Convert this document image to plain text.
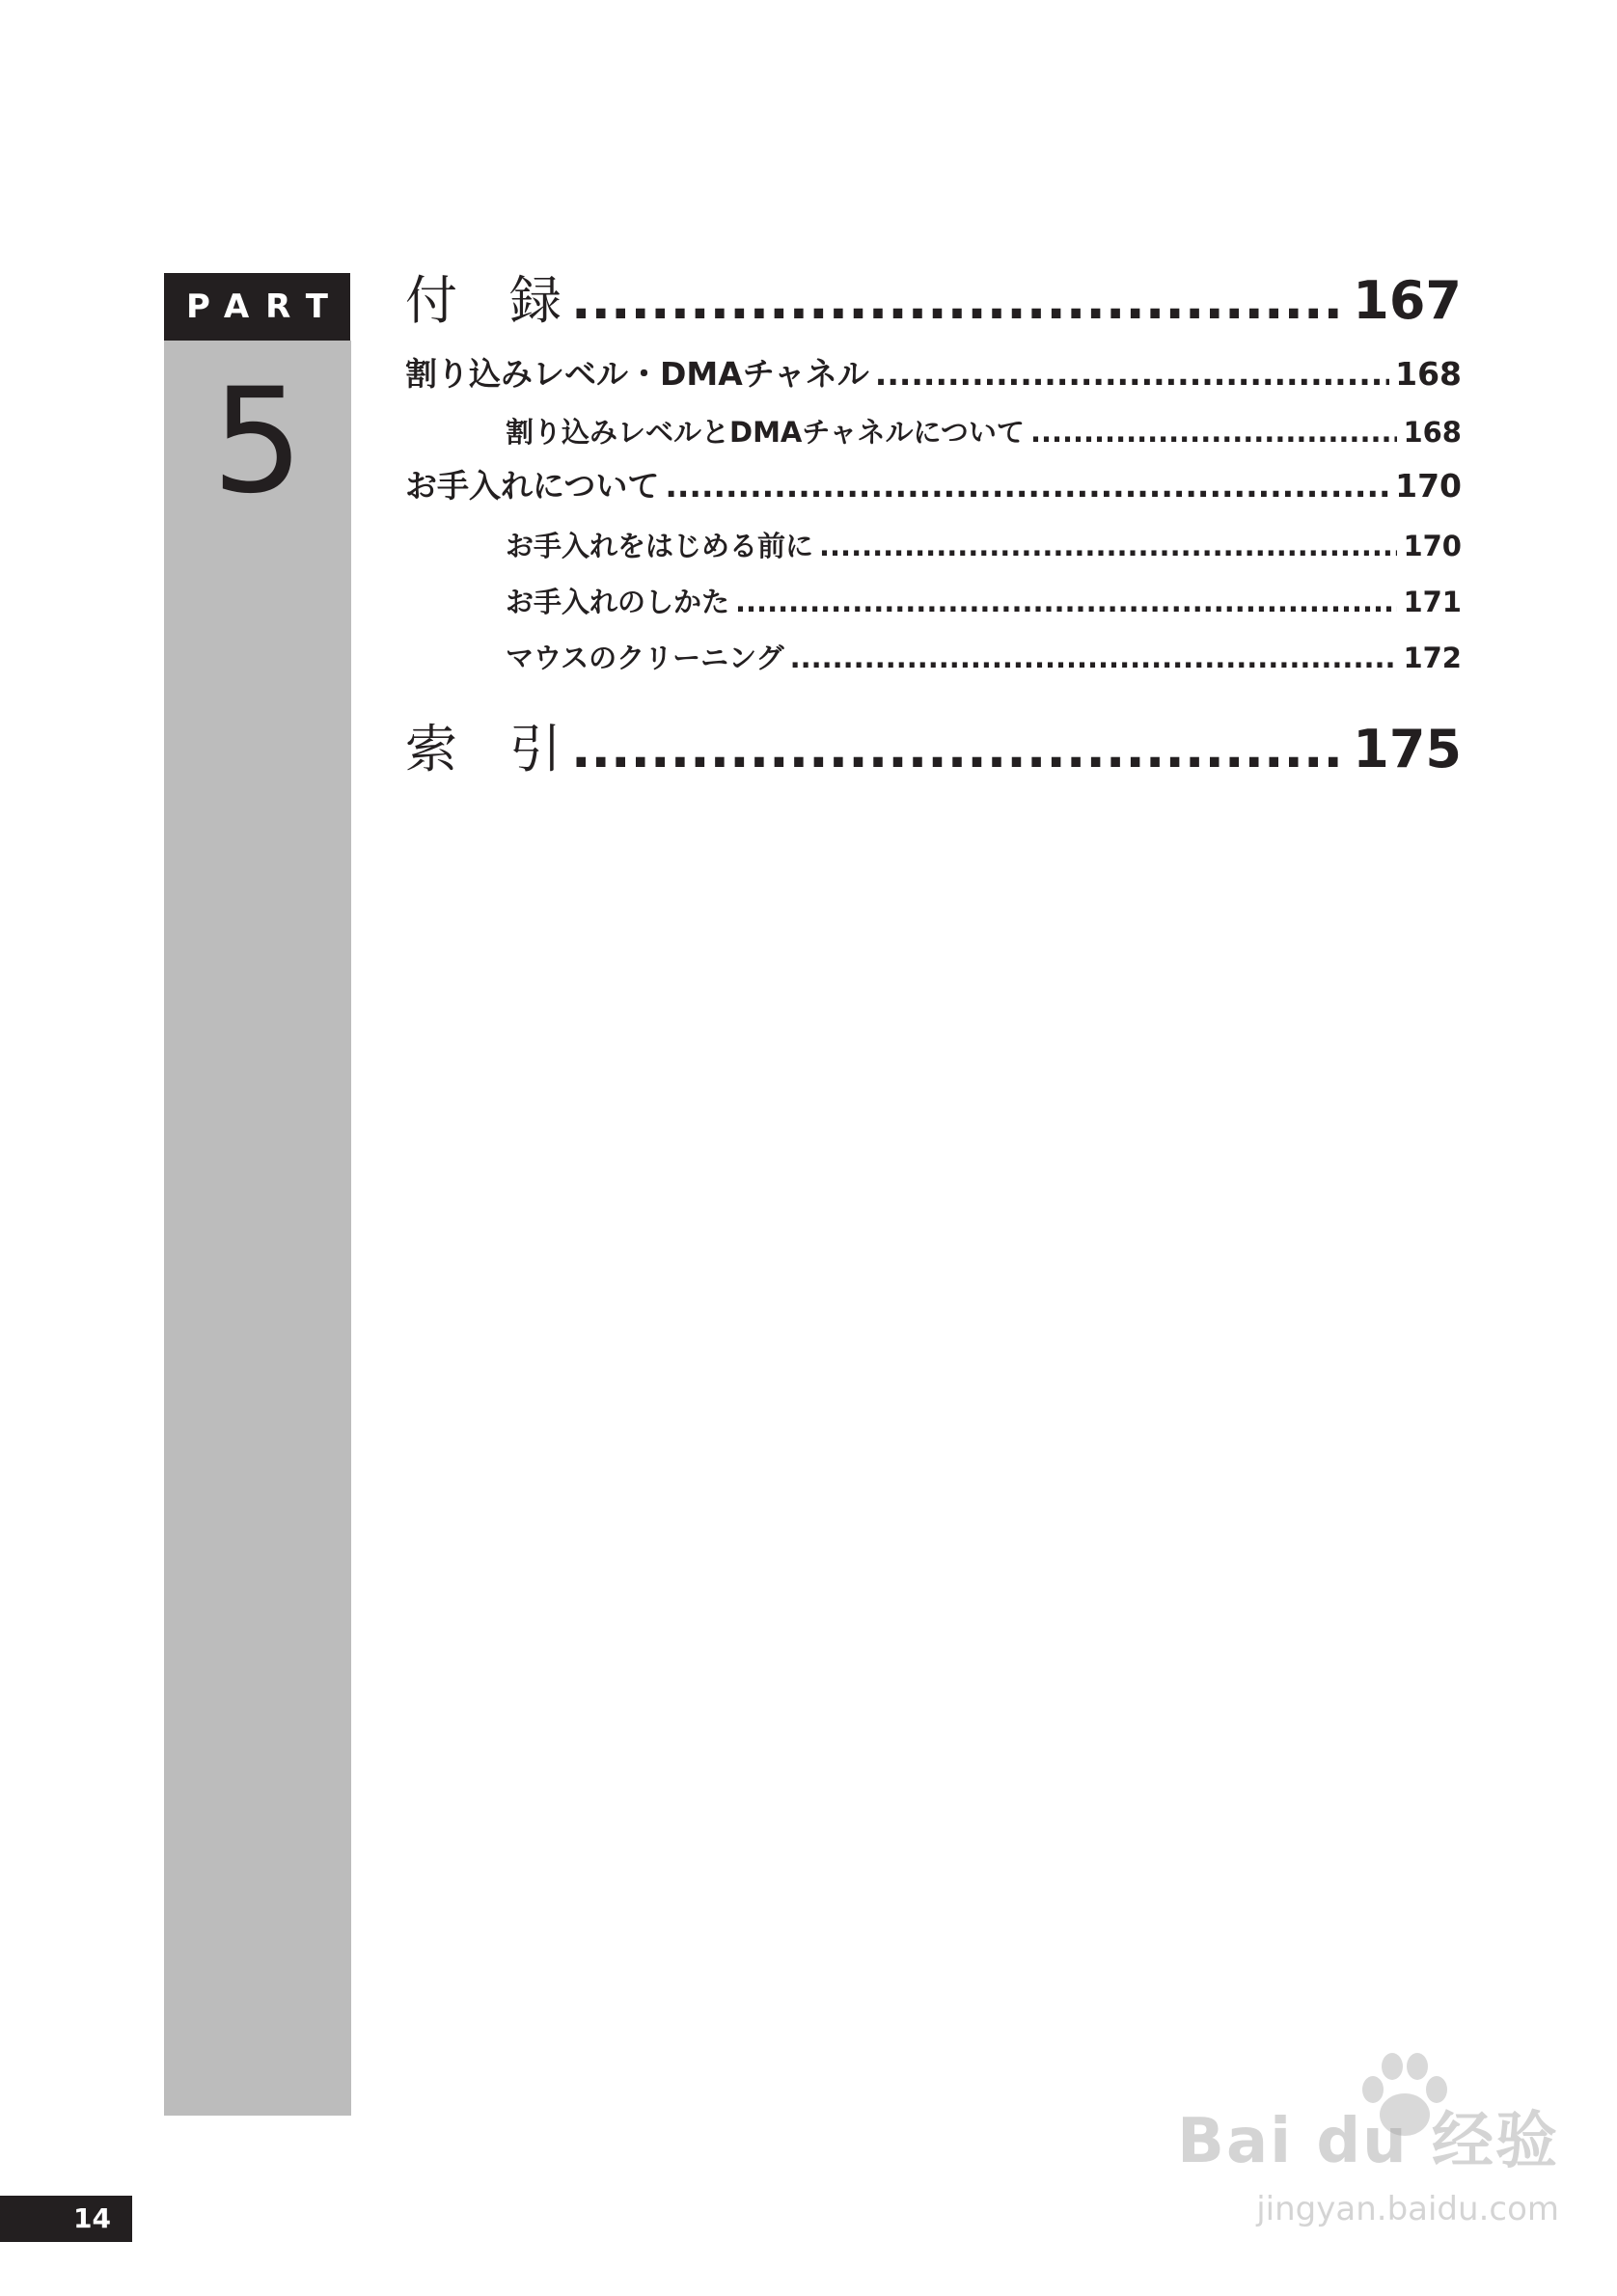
PART
5
付　録 .....	167
割り込みレベル・DMAチャネル .....	168
割り込みレベルとDMAチャネルについて .....	168
お手入れについて .....	170
お手入れをはじめる前に .....	170
お手入れのしかた .....	171
マウスのクリーニング .....	172
索　引 .....	175
14
Bai du 经验
jingyan.baidu.com
